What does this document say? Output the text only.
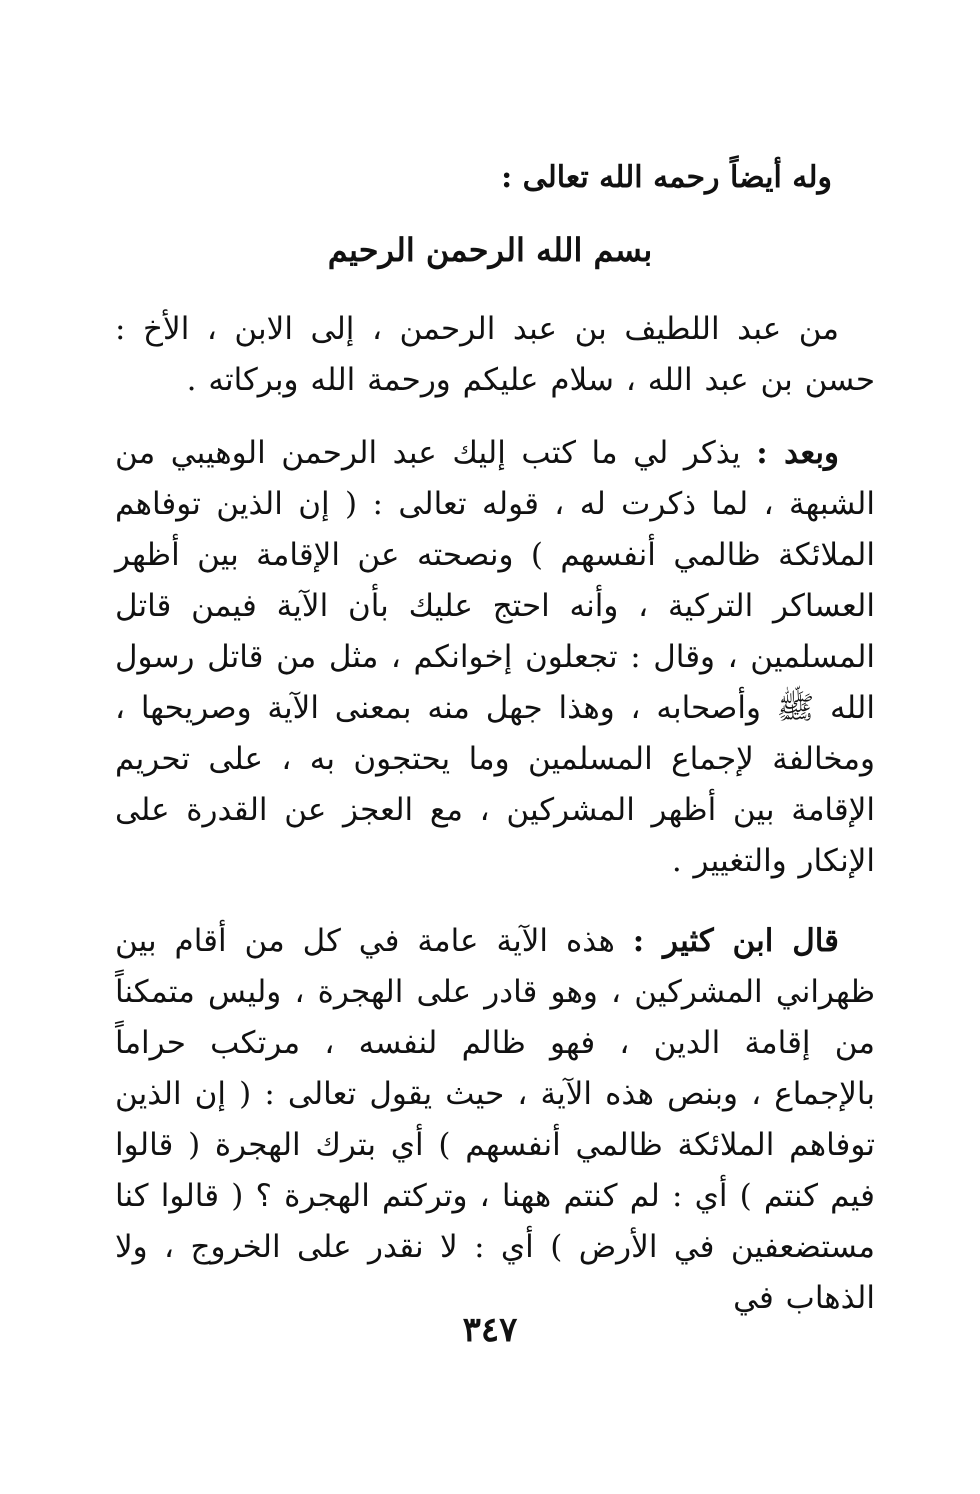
وله أيضاً رحمه الله تعالى :
بسم الله الرحمن الرحيم

من عبد اللطيف بن عبد الرحمن ، إلى الابن ، الأخ : حسن بن عبد الله ، سلام عليكم ورحمة الله وبركاته .

وبعد : يذكر لي ما كتب إليك عبد الرحمن الوهيبي من الشبهة ، لما ذكرت له ، قوله تعالى : ( إن الذين توفاهم الملائكة ظالمي أنفسهم ) ونصحته عن الإقامة بين أظهر العساكر التركية ، وأنه احتج عليك بأن الآية فيمن قاتل المسلمين ، وقال : تجعلون إخوانكم ، مثل من قاتل رسول الله ﷺ وأصحابه ، وهذا جهل منه بمعنى الآية وصريحها ، ومخالفة لإجماع المسلمين وما يحتجون به ، على تحريم الإقامة بين أظهر المشركين ، مع العجز عن القدرة على الإنكار والتغيير .

قال ابن كثير : هذه الآية عامة في كل من أقام بين ظهراني المشركين ، وهو قادر على الهجرة ، وليس متمكناً من إقامة الدين ، فهو ظالم لنفسه ، مرتكب حراماً بالإجماع ، وبنص هذه الآية ، حيث يقول تعالى : ( إن الذين توفاهم الملائكة ظالمي أنفسهم ) أي بترك الهجرة ( قالوا فيم كنتم ) أي : لم كنتم ههنا ، وتركتم الهجرة ؟ ( قالوا كنا مستضعفين في الأرض ) أي : لا نقدر على الخروج ، ولا الذهاب في

٣٤٧
